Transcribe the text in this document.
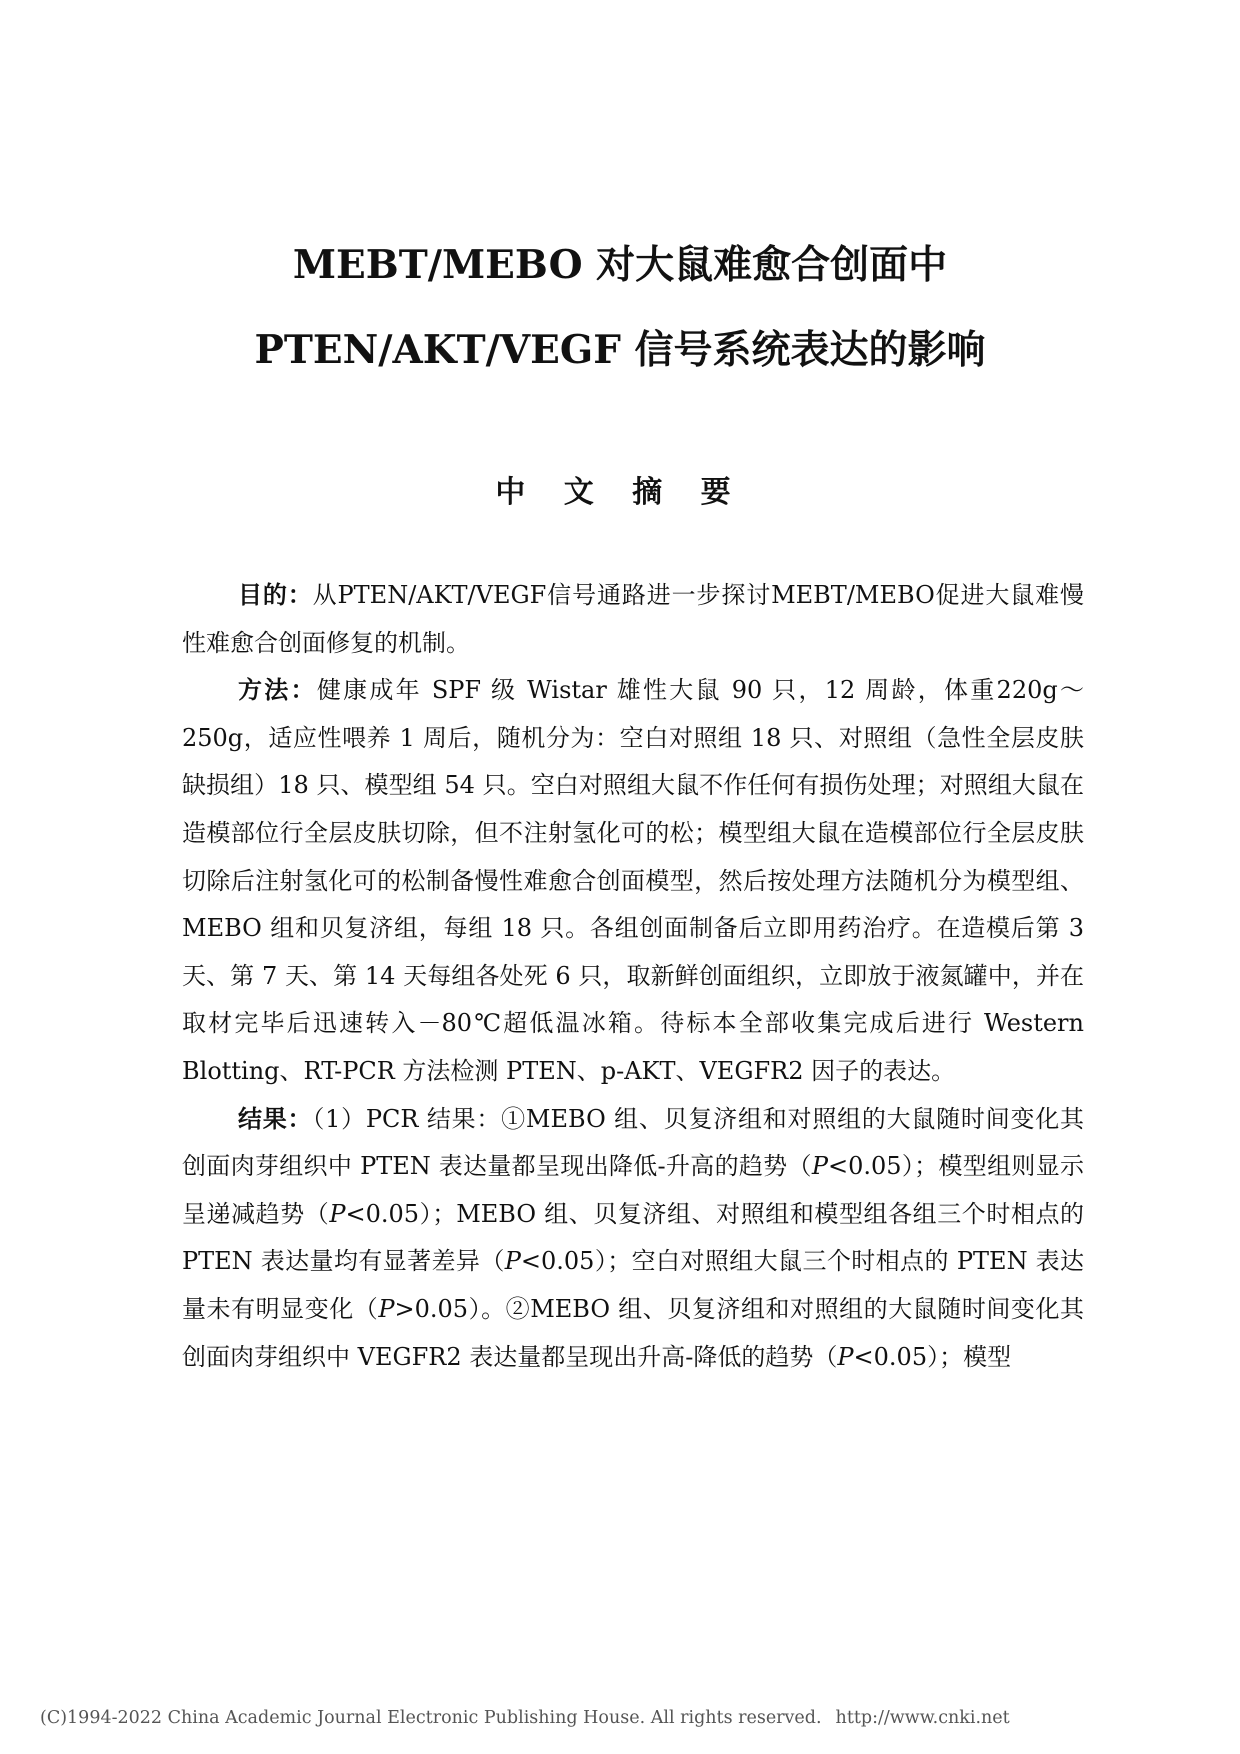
MEBT/MEBO 对大鼠难愈合创面中
PTEN/AKT/VEGF 信号系统表达的影响
中 文 摘 要

目的：从PTEN/AKT/VEGF信号通路进一步探讨MEBT/MEBO促进大鼠难慢性难愈合创面修复的机制。

方法：健康成年 SPF 级 Wistar 雄性大鼠 90 只，12 周龄，体重220g～250g，适应性喂养 1 周后，随机分为：空白对照组 18 只、对照组（急性全层皮肤缺损组）18 只、模型组 54 只。空白对照组大鼠不作任何有损伤处理；对照组大鼠在造模部位行全层皮肤切除，但不注射氢化可的松；模型组大鼠在造模部位行全层皮肤切除后注射氢化可的松制备慢性难愈合创面模型，然后按处理方法随机分为模型组、MEBO 组和贝复济组，每组 18 只。各组创面制备后立即用药治疗。在造模后第 3 天、第 7 天、第 14 天每组各处死 6 只，取新鲜创面组织，立即放于液氮罐中，并在取材完毕后迅速转入－80℃超低温冰箱。待标本全部收集完成后进行 Western Blotting、RT-PCR 方法检测 PTEN、p-AKT、VEGFR2 因子的表达。

结果：（1）PCR 结果：①MEBO 组、贝复济组和对照组的大鼠随时间变化其创面肉芽组织中 PTEN 表达量都呈现出降低-升高的趋势（P<0.05）；模型组则显示呈递减趋势（P<0.05）；MEBO 组、贝复济组、对照组和模型组各组三个时相点的 PTEN 表达量均有显著差异（P<0.05）；空白对照组大鼠三个时相点的 PTEN 表达量未有明显变化（P>0.05）。②MEBO 组、贝复济组和对照组的大鼠随时间变化其创面肉芽组织中 VEGFR2 表达量都呈现出升高-降低的趋势（P<0.05）；模型

(C)1994-2022 China Academic Journal Electronic Publishing House. All rights reserved. http://www.cnki.net
